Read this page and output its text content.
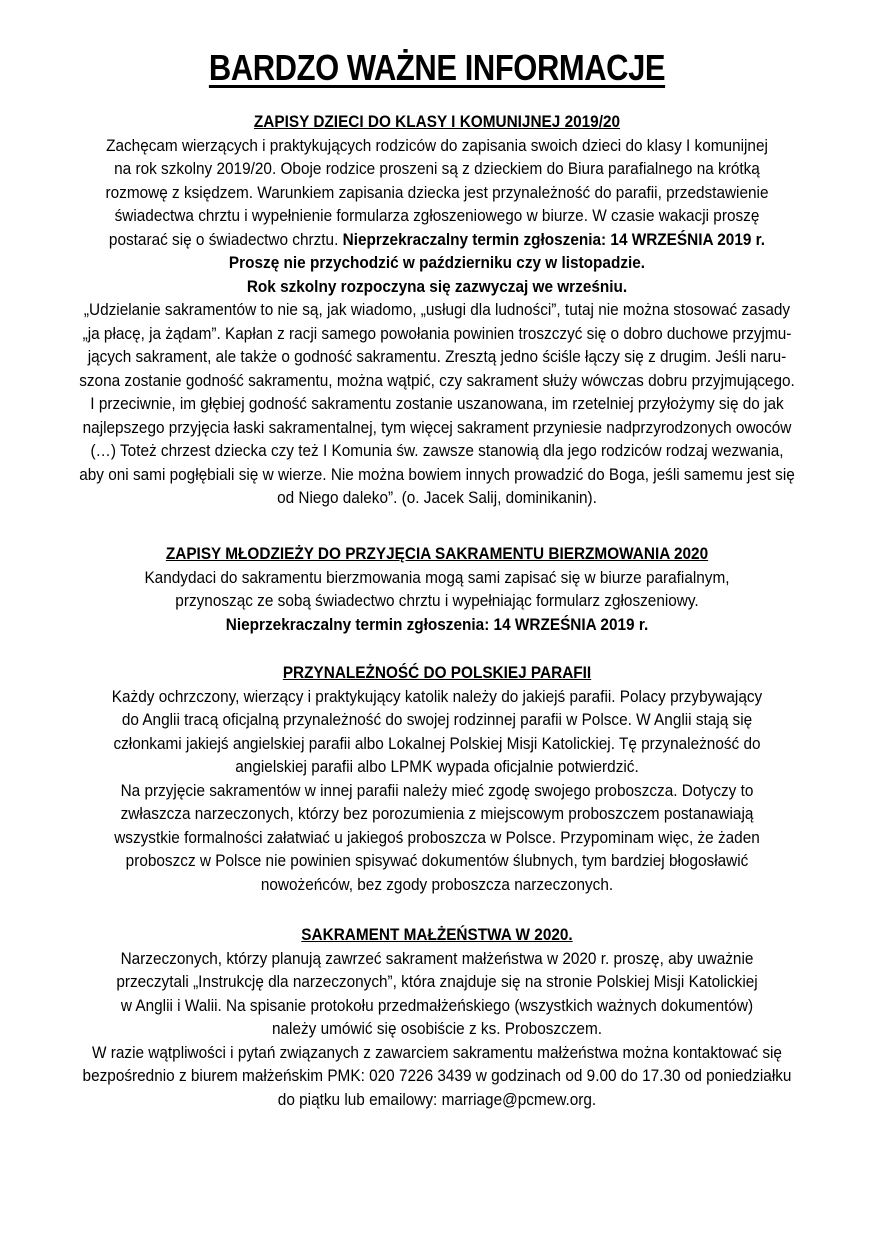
BARDZO WAŻNE INFORMACJE
ZAPISY DZIECI DO KLASY I KOMUNIJNEJ 2019/20
Zachęcam wierzących i praktykujących rodziców do zapisania swoich dzieci do klasy I komunijnej
na rok szkolny 2019/20. Oboje rodzice proszeni są z dzieckiem do Biura parafialnego na krótką
rozmowę z księdzem. Warunkiem zapisania dziecka jest przynależność do parafii, przedstawienie
świadectwa chrztu i wypełnienie formularza zgłoszeniowego w biurze. W czasie wakacji proszę
postarać się o świadectwo chrztu. Nieprzekraczalny termin zgłoszenia: 14 WRZEŚNIA 2019 r.
Proszę nie przychodzić w październiku czy w listopadzie.
Rok szkolny rozpoczyna się zazwyczaj we wrześniu.
„Udzielanie sakramentów to nie są, jak wiadomo, „usługi dla ludności”, tutaj nie można stosować zasady
„ja płacę, ja żądam”. Kapłan z racji samego powołania powinien troszczyć się o dobro duchowe przyjmu-
jących sakrament, ale także o godność sakramentu. Zresztą jedno ściśle łączy się z drugim. Jeśli naru-
szona zostanie godność sakramentu, można wątpić, czy sakrament służy wówczas dobru przyjmującego.
I przeciwnie, im głębiej godność sakramentu zostanie uszanowana, im rzetelniej przyłożymy się do jak
najlepszego przyjęcia łaski sakramentalnej, tym więcej sakrament przyniesie nadprzyrodzonych owoców
(…) Toteż chrzest dziecka czy też I Komunia św. zawsze stanowią dla jego rodziców rodzaj wezwania,
aby oni sami pogłębiali się w wierze. Nie można bowiem innych prowadzić do Boga, jeśli samemu jest się
od Niego daleko”. (o. Jacek Salij, dominikanin).
ZAPISY MŁODZIEŻY DO PRZYJĘCIA SAKRAMENTU BIERZMOWANIA 2020
Kandydaci do sakramentu bierzmowania mogą sami zapisać się w biurze parafialnym,
przynosząc ze sobą świadectwo chrztu i wypełniając formularz zgłoszeniowy.
Nieprzekraczalny termin zgłoszenia: 14 WRZEŚNIA 2019 r.
PRZYNALEŻNOŚĆ DO POLSKIEJ PARAFII
Każdy ochrzczony, wierzący i praktykujący katolik należy do jakiejś parafii. Polacy przybywający
do Anglii tracą oficjalną przynależność do swojej rodzinnej parafii w Polsce. W Anglii stają się
członkami jakiejś angielskiej parafii albo Lokalnej Polskiej Misji Katolickiej. Tę przynależność do
angielskiej parafii albo LPMK wypada oficjalnie potwierdzić.
Na przyjęcie sakramentów w innej parafii należy mieć zgodę swojego proboszcza. Dotyczy to
zwłaszcza narzeczonych, którzy bez porozumienia z miejscowym proboszczem postanawiają
wszystkie formalności załatwiać u jakiegoś proboszcza w Polsce. Przypominam więc, że żaden
proboszcz w Polsce nie powinien spisywać dokumentów ślubnych, tym bardziej błogosławić
nowożeńców, bez zgody proboszcza narzeczonych.
SAKRAMENT MAŁŻEŃSTWA W 2020.
Narzeczonych, którzy planują zawrzeć sakrament małżeństwa w 2020 r. proszę, aby uważnie
przeczytali „Instrukcję dla narzeczonych”, która znajduje się na stronie Polskiej Misji Katolickiej
w Anglii i Walii. Na spisanie protokołu przedmałżeńskiego (wszystkich ważnych dokumentów)
należy umówić się osobiście z ks. Proboszczem.
W razie wątpliwości i pytań związanych z zawarciem sakramentu małżeństwa można kontaktować się
bezpośrednio z biurem małżeńskim PMK: 020 7226 3439 w godzinach od 9.00 do 17.30 od poniedziałku
do piątku lub emailowy: marriage@pcmew.org.
